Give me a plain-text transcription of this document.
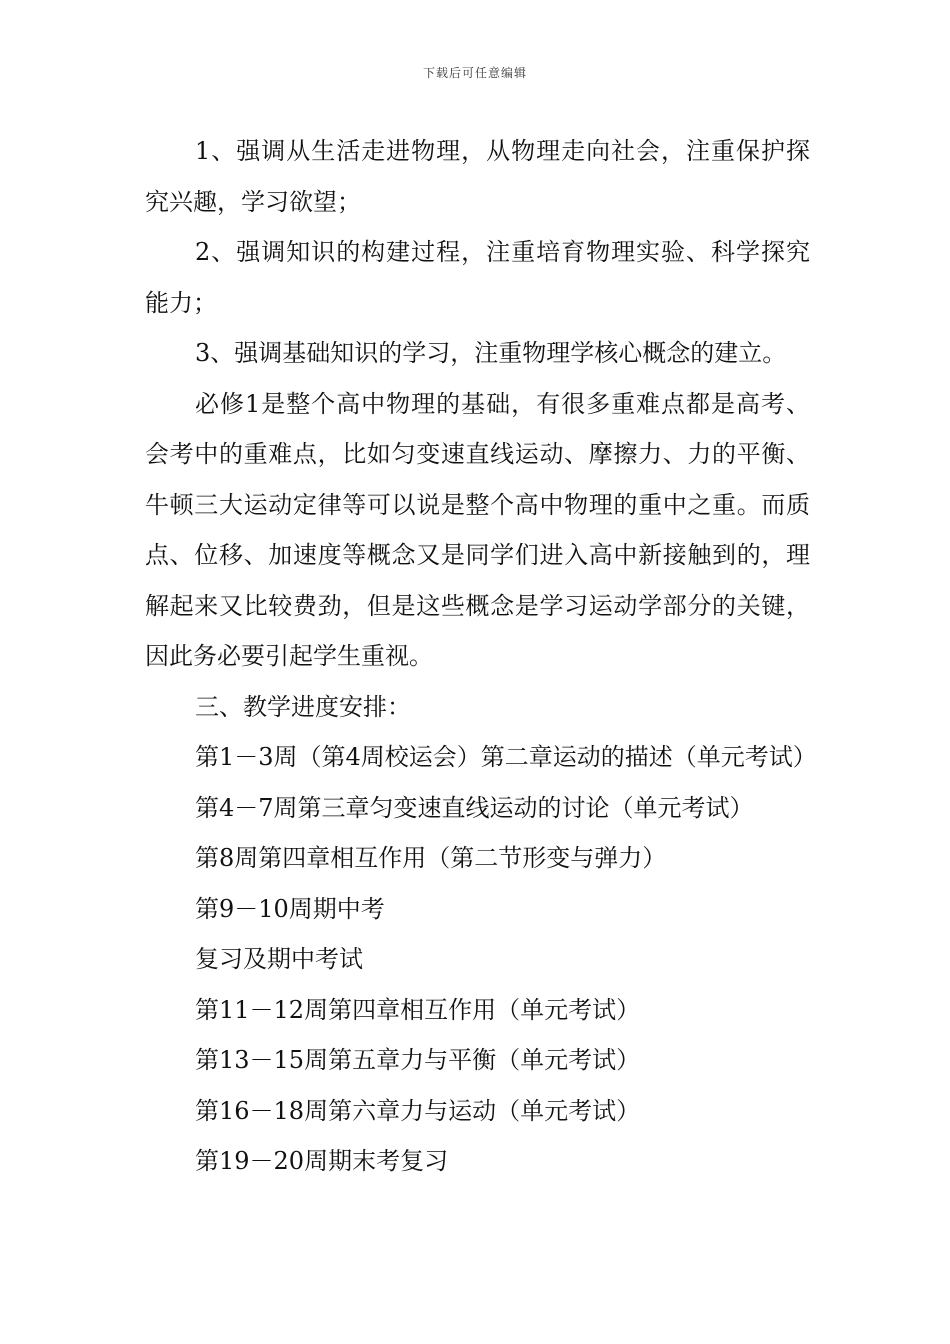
下载后可任意编辑

1、强调从生活走进物理，从物理走向社会，注重保护探究兴趣，学习欲望；

2、强调知识的构建过程，注重培育物理实验、科学探究能力；

3、强调基础知识的学习，注重物理学核心概念的建立。

必修1是整个高中物理的基础，有很多重难点都是高考、会考中的重难点，比如匀变速直线运动、摩擦力、力的平衡、牛顿三大运动定律等可以说是整个高中物理的重中之重。而质点、位移、加速度等概念又是同学们进入高中新接触到的，理解起来又比较费劲，但是这些概念是学习运动学部分的关键，因此务必要引起学生重视。

三、教学进度安排：

第1－3周（第4周校运会）第二章运动的描述（单元考试）

第4－7周第三章匀变速直线运动的讨论（单元考试）

第8周第四章相互作用（第二节形变与弹力）

第9－10周期中考

复习及期中考试

第11－12周第四章相互作用（单元考试）

第13－15周第五章力与平衡（单元考试）

第16－18周第六章力与运动（单元考试）

第19－20周期末考复习
